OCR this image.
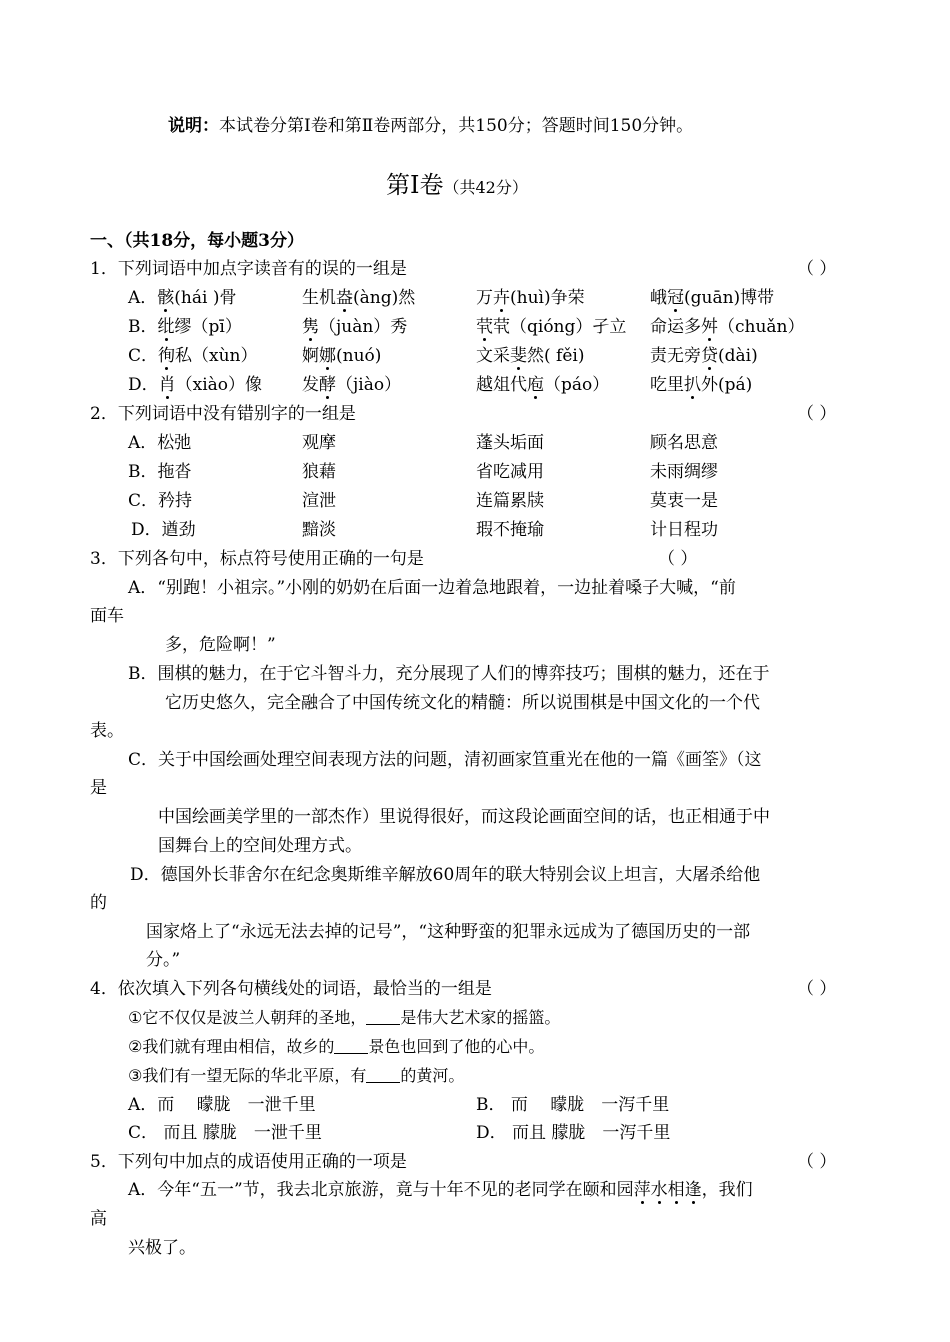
说明：本试卷分第Ⅰ卷和第Ⅱ卷两部分，共150分；答题时间150分钟。
第Ⅰ卷（共42分）
一、（共18分，每小题3分）
1．下列词语中加点字读音有的误的一组是	（ ）
A．骸(hái )骨	生机盎(àng)然	万卉(huì)争荣	峨冠(guān)博带
B．纰缪（pī）	隽（juàn）秀	茕茕（qióng）孑立 命运多舛（chuǎn）
C．徇私（xùn）	婀娜(nuó)	文采斐然( fěi)	责无旁贷(dài)
D．肖（xiào）像 发酵（jiào）	越俎代庖（páo） 吃里扒外(pá)
2．下列词语中没有错别字的一组是	（ ）
A．松弛	观摩	蓬头垢面	顾名思意
B．拖沓	狼藉	省吃减用	未雨绸缪
C．矜持	渲泄	连篇累牍	莫衷一是
D．遒劲	黯淡	瑕不掩瑜	计日程功
3．下列各句中，标点符号使用正确的一句是	（ ）
A．“别跑！小祖宗。”小刚的奶奶在后面一边着急地跟着，一边扯着嗓子大喊，“前
面车
多，危险啊！”
B．围棋的魅力，在于它斗智斗力，充分展现了人们的博弈技巧；围棋的魅力，还在于
它历史悠久，完全融合了中国传统文化的精髓：所以说围棋是中国文化的一个代
表。
C．关于中国绘画处理空间表现方法的问题，清初画家笪重光在他的一篇《画筌》（这
是
中国绘画美学里的一部杰作）里说得很好，而这段论画面空间的话，也正相通于中
国舞台上的空间处理方式。
D．德国外长菲舍尔在纪念奥斯维辛解放60周年的联大特别会议上坦言，大屠杀给他
的
国家烙上了“永远无法去掉的记号”，“这种野蛮的犯罪永远成为了德国历史的一部
分。”
4．依次填入下列各句横线处的词语，最恰当的一组是	（ ）
①它不仅仅是波兰人朝拜的圣地， 是伟大艺术家的摇篮。
②我们就有理由相信，故乡的 景色也回到了他的心中。
③我们有一望无际的华北平原，有 的黄河。
A．而　 曚胧　一泄千里	B． 而　 曚胧　一泻千里
C． 而且 朦胧　一泄千里	D． 而且 朦胧　一泻千里
5．下列句中加点的成语使用正确的一项是	（ ）
A．今年“五一”节，我去北京旅游，竟与十年不见的老同学在颐和园萍水相逢，我们
高
兴极了。
